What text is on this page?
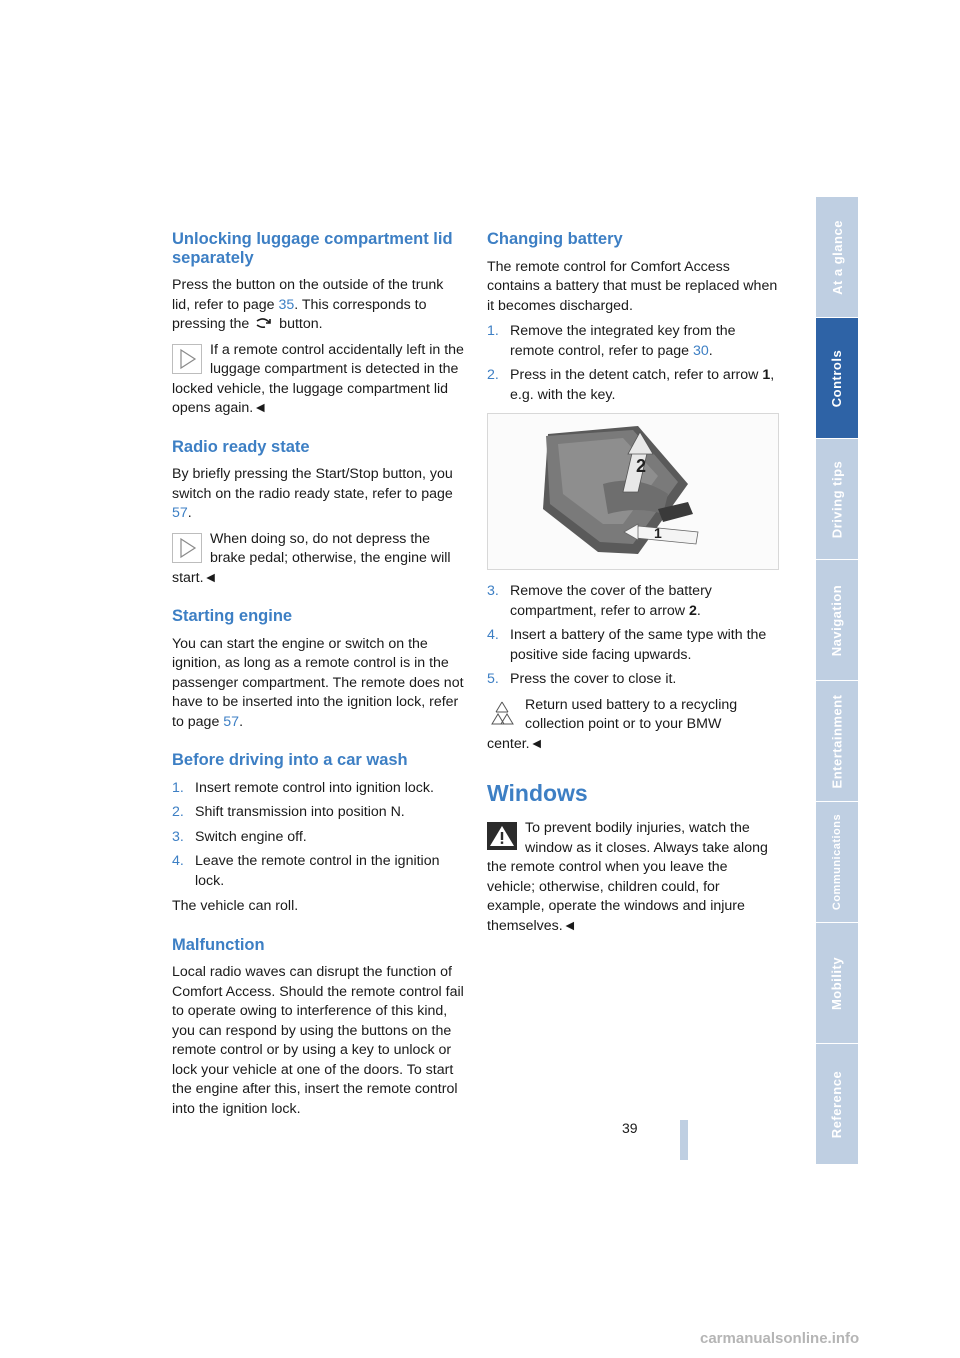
Unlocking luggage compartment lid separately

Press the button on the outside of the trunk lid, refer to page 35. This corresponds to pressing the  button.

If a remote control accidentally left in the luggage compartment is detected in the locked vehicle, the luggage compartment lid opens again.◄
Radio ready state

By briefly pressing the Start/Stop button, you switch on the radio ready state, refer to page 57.

When doing so, do not depress the brake pedal; otherwise, the engine will start.◄
Starting engine

You can start the engine or switch on the ignition, as long as a remote control is in the passenger compartment. The remote does not have to be inserted into the ignition lock, refer to page 57.

Before driving into a car wash
1. Insert remote control into ignition lock.
2. Shift transmission into position N.
3. Switch engine off.
4. Leave the remote control in the ignition lock.

The vehicle can roll.

Malfunction

Local radio waves can disrupt the function of Comfort Access. Should the remote control fail to operate owing to interference of this kind, you can respond by using the buttons on the remote control or by using a key to unlock or lock your vehicle at one of the doors. To start the engine after this, insert the remote control into the ignition lock.

Changing battery

The remote control for Comfort Access contains a battery that must be replaced when it becomes discharged.

1. Remove the integrated key from the remote control, refer to page 30.
2. Press in the detent catch, refer to arrow 1, e.g. with the key.
2
1
3. Remove the cover of the battery compartment, refer to arrow 2.
4. Insert a battery of the same type with the positive side facing upwards.
5. Press the cover to close it.
Return used battery to a recycling collection point or to your BMW center.◄
Windows
To prevent bodily injuries, watch the window as it closes. Always take along the remote control when you leave the vehicle; otherwise, children could, for example, operate the windows and injure themselves.◄
At a glance
Controls
Driving tips
Navigation
Entertainment
Communications
Mobility
Reference
39
carmanualsonline.info
